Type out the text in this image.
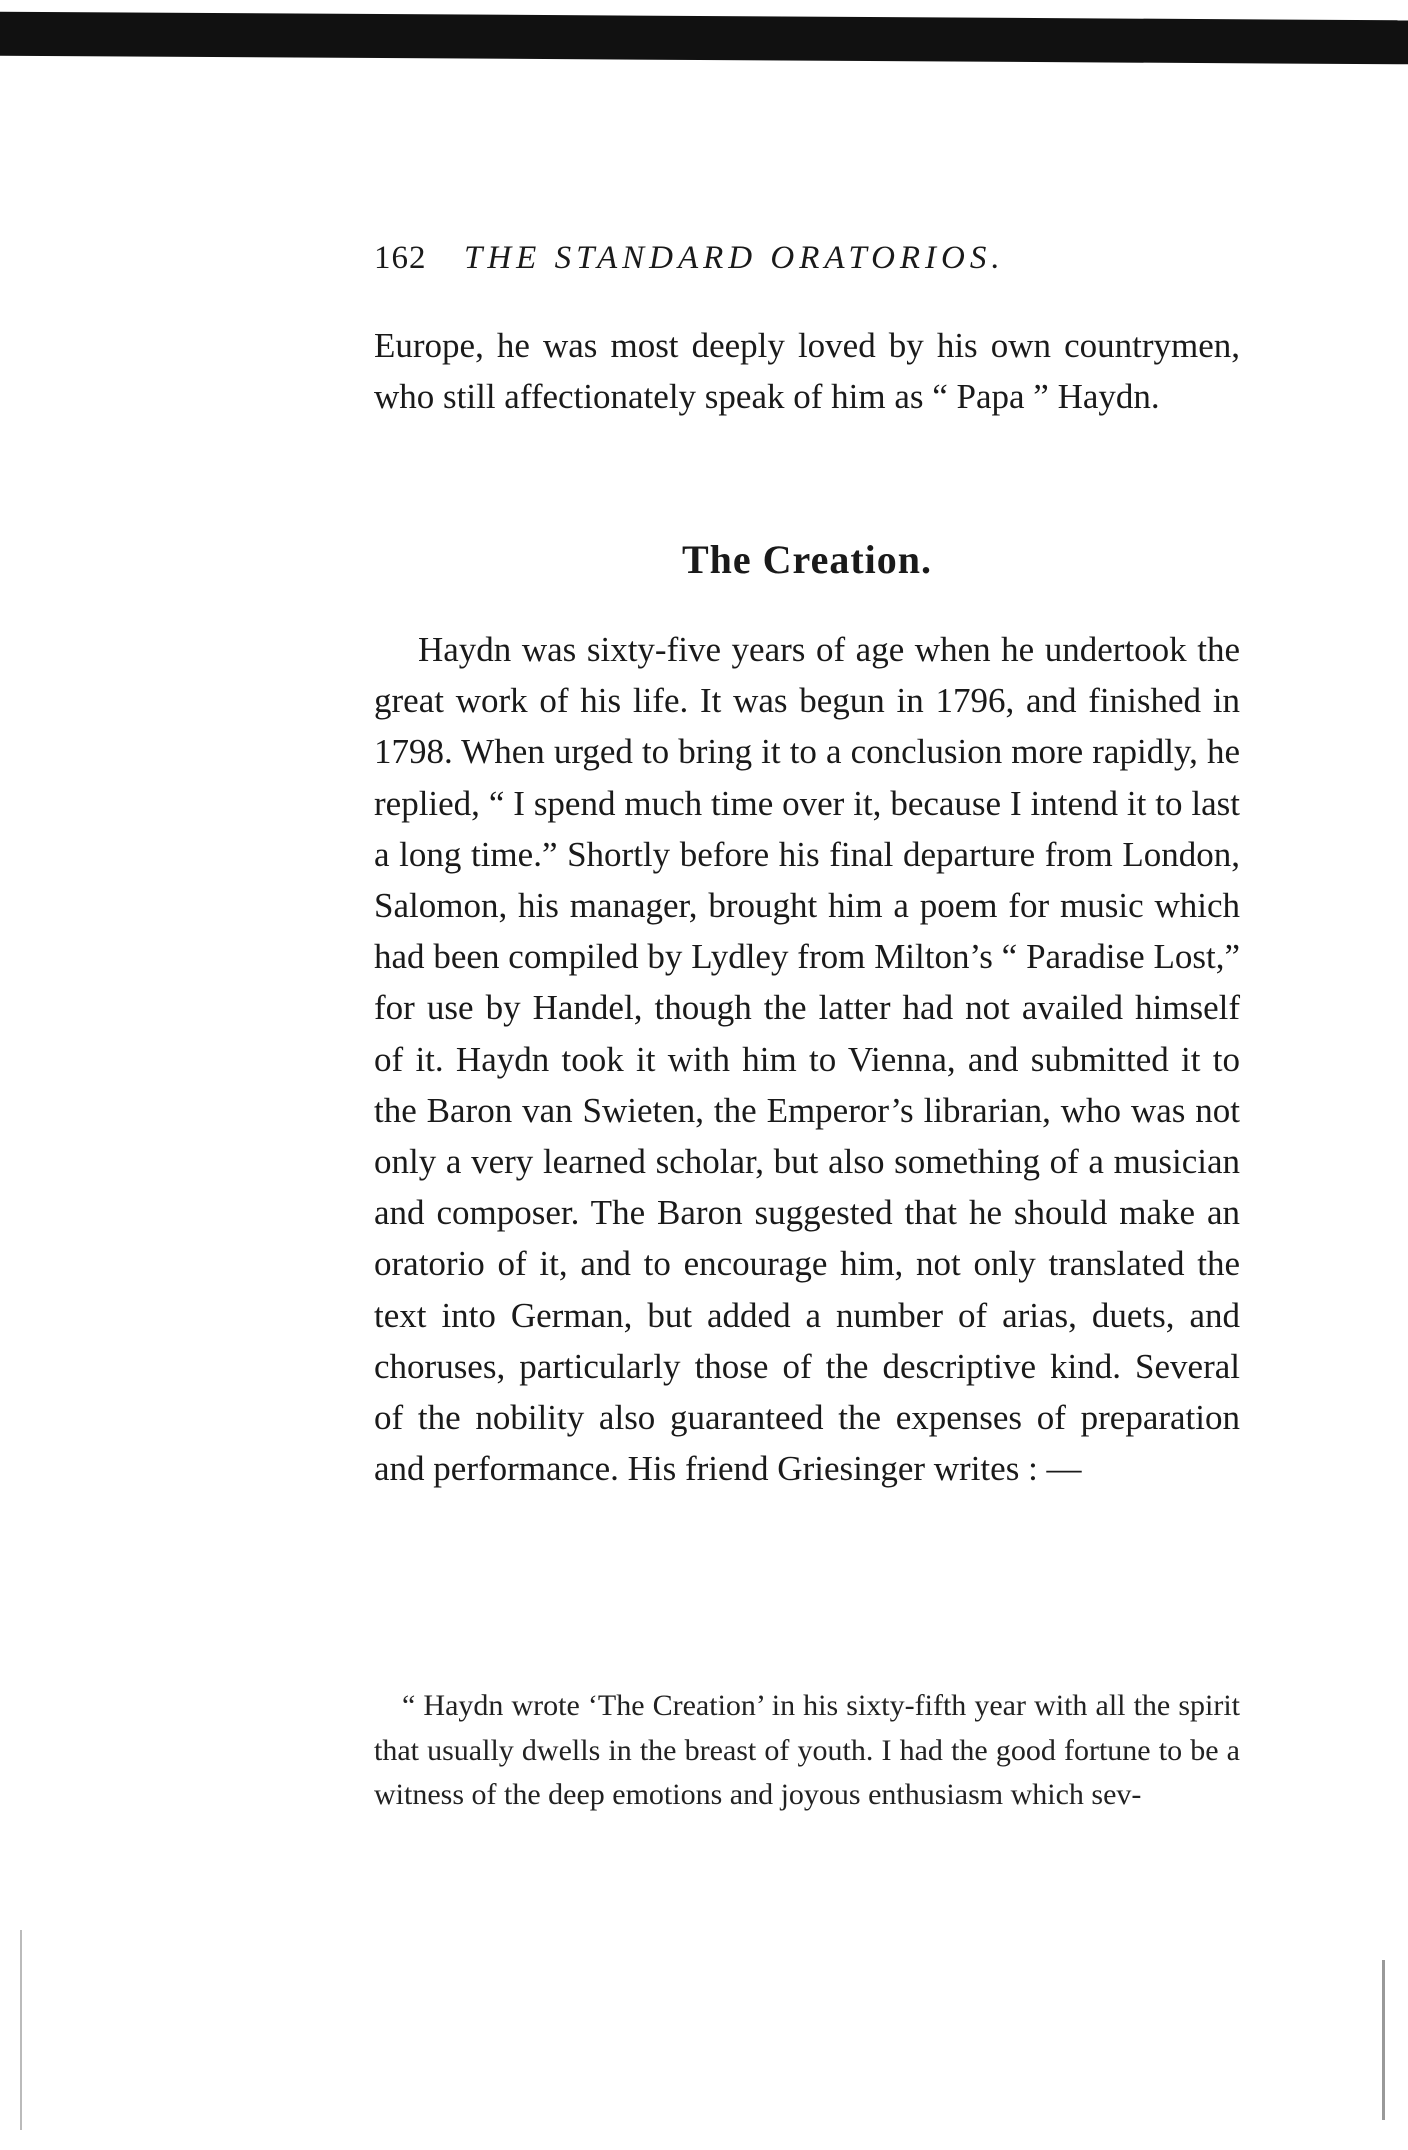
162 THE STANDARD ORATORIOS.

Europe, he was most deeply loved by his own countrymen, who still affectionately speak of him as “ Papa ” Haydn.

The Creation.

Haydn was sixty-five years of age when he undertook the great work of his life. It was begun in 1796, and finished in 1798. When urged to bring it to a conclusion more rapidly, he replied, “ I spend much time over it, because I intend it to last a long time.” Shortly before his final departure from London, Salomon, his manager, brought him a poem for music which had been compiled by Lydley from Milton’s “ Paradise Lost,” for use by Handel, though the latter had not availed himself of it. Haydn took it with him to Vienna, and submitted it to the Baron van Swieten, the Emperor’s librarian, who was not only a very learned scholar, but also something of a musician and composer. The Baron suggested that he should make an oratorio of it, and to encourage him, not only translated the text into German, but added a number of arias, duets, and choruses, particularly those of the descriptive kind. Several of the nobility also guaranteed the expenses of preparation and performance. His friend Griesinger writes : —

“ Haydn wrote ‘The Creation’ in his sixty-fifth year with all the spirit that usually dwells in the breast of youth. I had the good fortune to be a witness of the deep emotions and joyous enthusiasm which sev-
